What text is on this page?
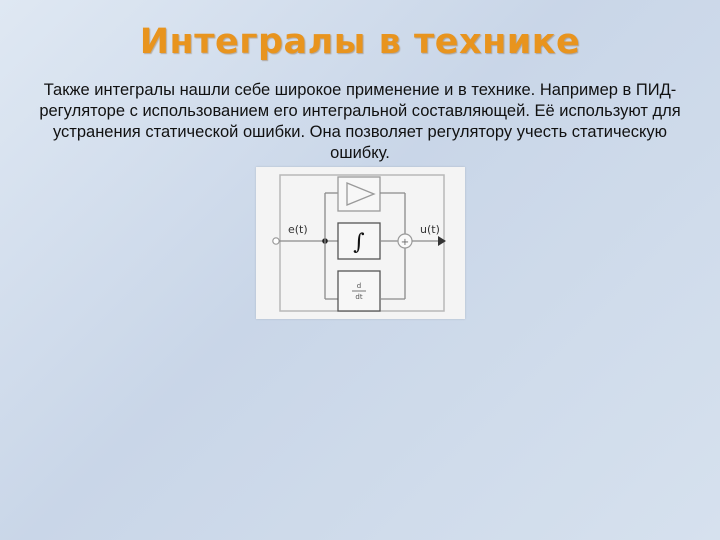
Интегралы в технике
Также интегралы нашли себе широкое применение и в технике. Например в ПИД-регуляторе с использованием его интегральной составляющей. Её используют для устранения статической ошибки. Она позволяет регулятору учесть статическую ошибку.
∫
d
dt
+
e(t)	u(t)
